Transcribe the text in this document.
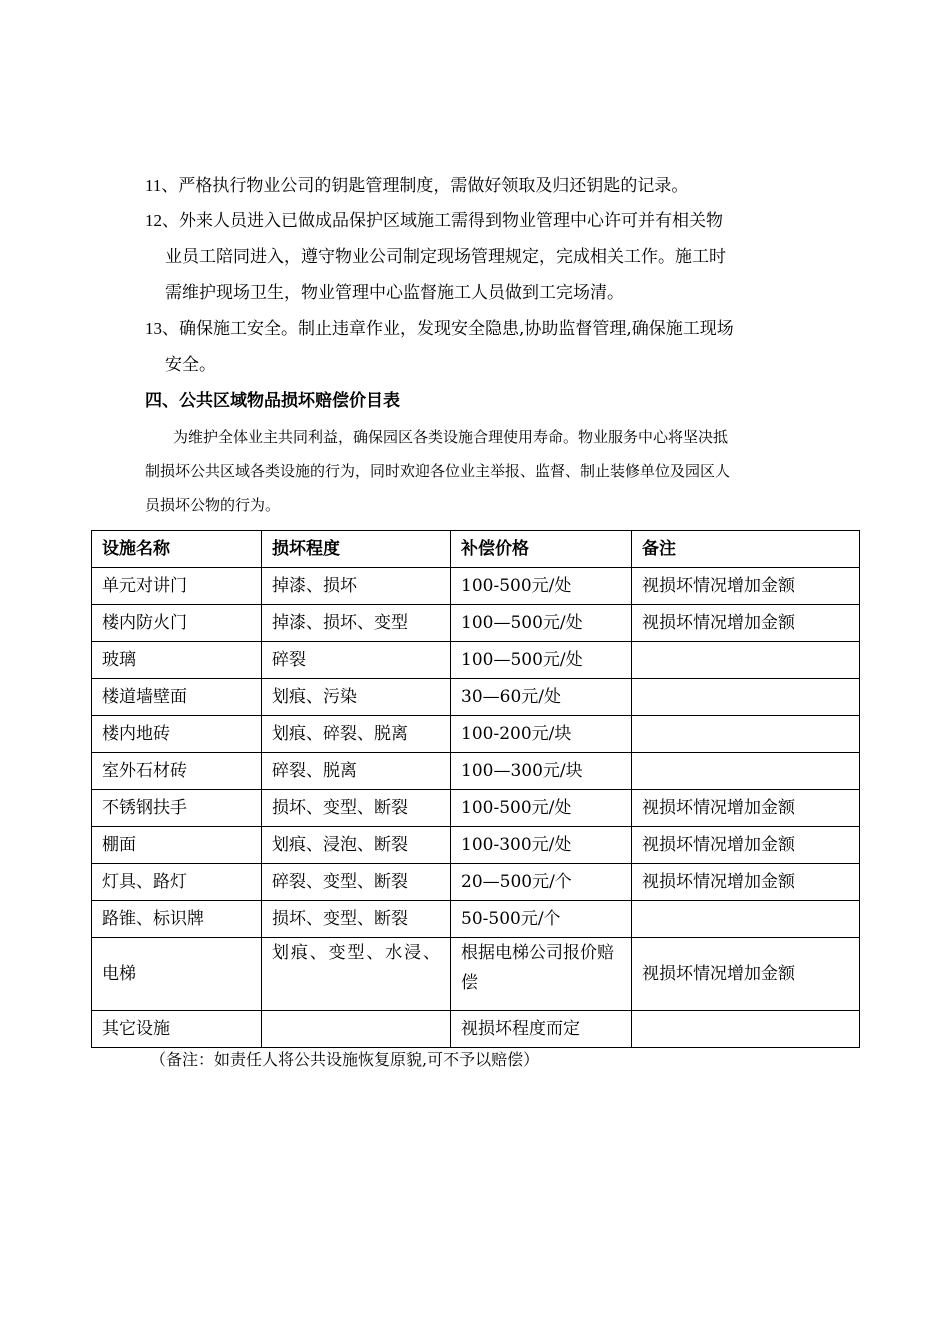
11、严格执行物业公司的钥匙管理制度，需做好领取及归还钥匙的记录。
12、外来人员进入已做成品保护区域施工需得到物业管理中心许可并有相关物
业员工陪同进入，遵守物业公司制定现场管理规定，完成相关工作。施工时
需维护现场卫生，物业管理中心监督施工人员做到工完场清。
13、确保施工安全。制止违章作业，发现安全隐患,协助监督管理,确保施工现场
安全。
四、公共区域物品损坏赔偿价目表
为维护全体业主共同利益，确保园区各类设施合理使用寿命。物业服务中心将坚决抵
制损坏公共区域各类设施的行为，同时欢迎各位业主举报、监督、制止装修单位及园区人
员损坏公物的行为。
设施名称	损坏程度	补偿价格	备注
单元对讲门	掉漆、损坏	100-500元/处	视损坏情况增加金额
楼内防火门	掉漆、损坏、变型	100—500元/处	视损坏情况增加金额
玻璃	碎裂	100—500元/处	
楼道墙壁面	划痕、污染	30—60元/处	
楼内地砖	划痕、碎裂、脱离	100-200元/块	
室外石材砖	碎裂、脱离	100—300元/块	
不锈钢扶手	损坏、变型、断裂	100-500元/处	视损坏情况增加金额
棚面	划痕、浸泡、断裂	100-300元/处	视损坏情况增加金额
灯具、路灯	碎裂、变型、断裂	20—500元/个	视损坏情况增加金额
路锥、标识牌	损坏、变型、断裂	50-500元/个	
电梯	划痕、变型、水浸、	根据电梯公司报价赔偿	视损坏情况增加金额
其它设施		视损坏程度而定	
（备注：如责任人将公共设施恢复原貌,可不予以赔偿）
